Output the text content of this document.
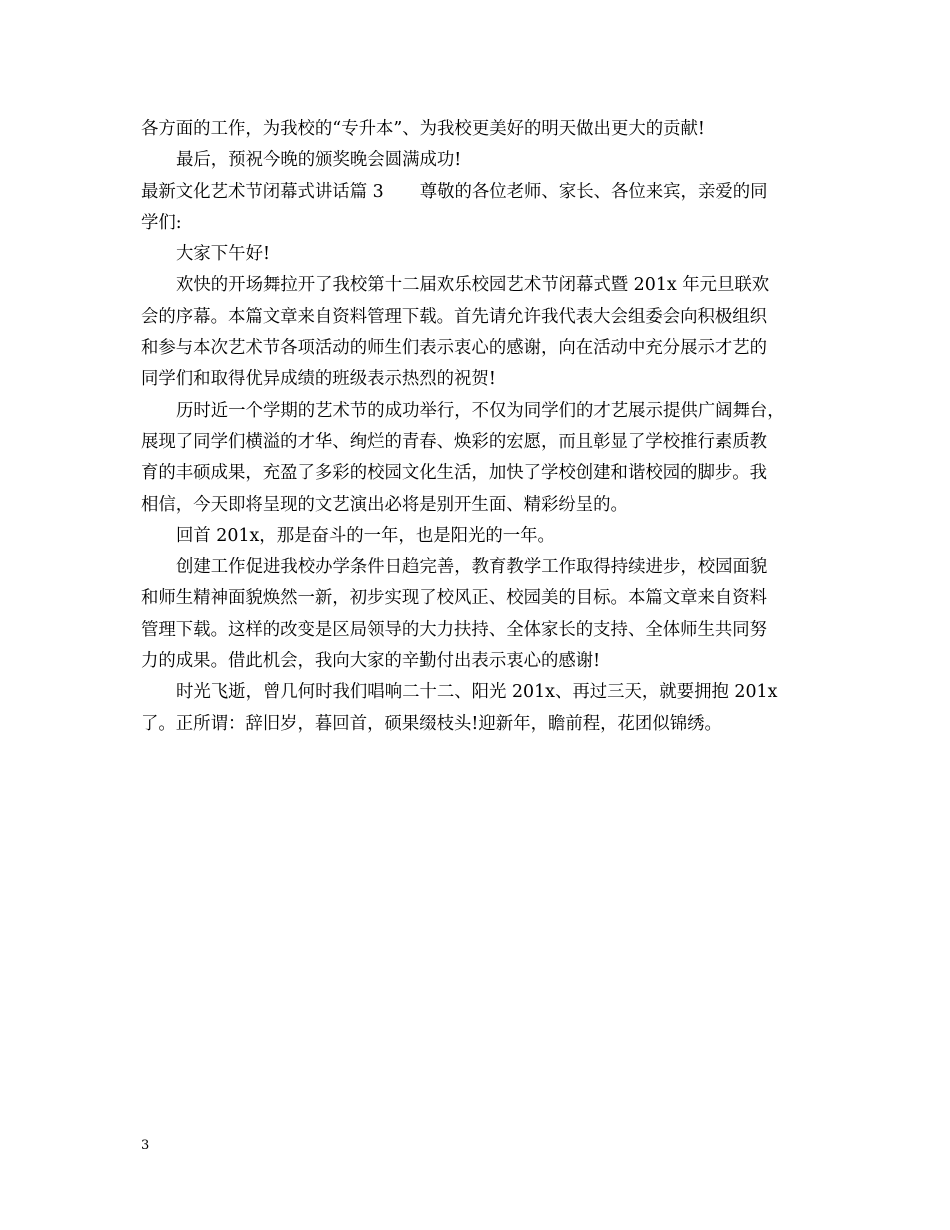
各方面的工作，为我校的“专升本”、为我校更美好的明天做出更大的贡献!
最后，预祝今晚的颁奖晚会圆满成功!
最新文化艺术节闭幕式讲话篇 3 尊敬的各位老师、家长、各位来宾，亲爱的同
学们:
大家下午好!
欢快的开场舞拉开了我校第十二届欢乐校园艺术节闭幕式暨 201x 年元旦联欢
会的序幕。本篇文章来自资料管理下载。首先请允许我代表大会组委会向积极组织
和参与本次艺术节各项活动的师生们表示衷心的感谢，向在活动中充分展示才艺的
同学们和取得优异成绩的班级表示热烈的祝贺!
历时近一个学期的艺术节的成功举行，不仅为同学们的才艺展示提供广阔舞台，
展现了同学们横溢的才华、绚烂的青春、焕彩的宏愿，而且彰显了学校推行素质教
育的丰硕成果，充盈了多彩的校园文化生活，加快了学校创建和谐校园的脚步。我
相信，今天即将呈现的文艺演出必将是别开生面、精彩纷呈的。
回首 201x，那是奋斗的一年，也是阳光的一年。
创建工作促进我校办学条件日趋完善，教育教学工作取得持续进步，校园面貌
和师生精神面貌焕然一新，初步实现了校风正、校园美的目标。本篇文章来自资料
管理下载。这样的改变是区局领导的大力扶持、全体家长的支持、全体师生共同努
力的成果。借此机会，我向大家的辛勤付出表示衷心的感谢!
时光飞逝，曾几何时我们唱响二十二、阳光 201x、再过三天，就要拥抱 201x
了。正所谓：辞旧岁，暮回首，硕果缀枝头!迎新年，瞻前程，花团似锦绣。
3
